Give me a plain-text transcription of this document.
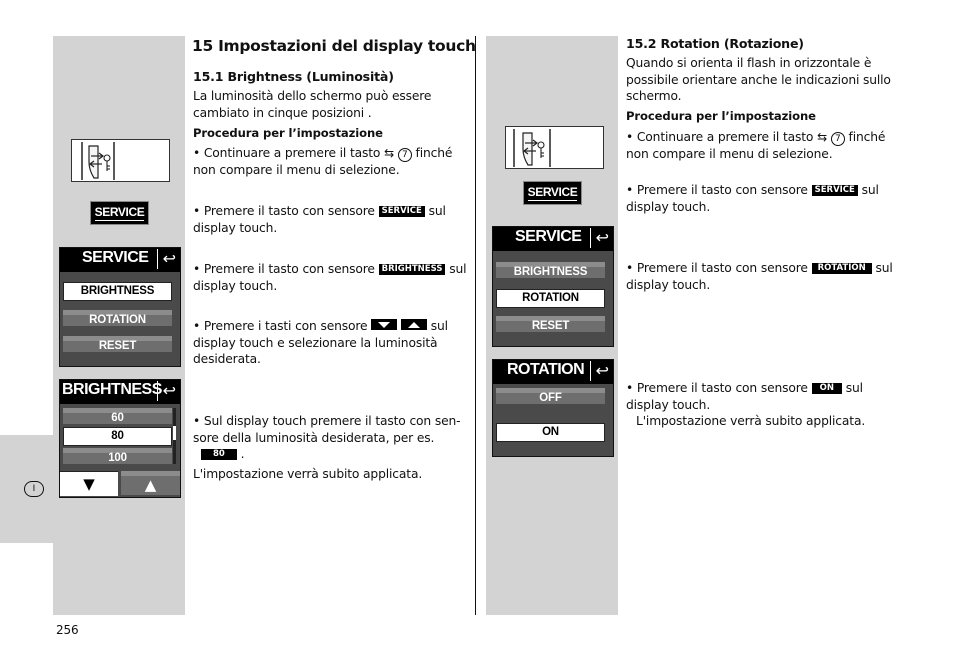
I
256
SERVICE
SERVICE ↩
BRIGHTNESS
ROTATION
RESET
BRIGHTNESS ↩
60
80
100
▼	▲
15 Impostazioni del display touch
15.1 Brightness (Luminosità)
La luminosità dello schermo può essere cambiato in cinque posizioni .
Procedura per l’impostazione
• Continuare a premere il tasto ⇆ 7 finché non compare il menu di selezione.
• Premere il tasto con sensore SERVICE sul display touch.
• Premere il tasto con sensore BRIGHTNESS sul display touch.
• Premere i tasti con sensore
	sul display touch e selezionare la luminosità desiderata.
• Sul display touch premere il tasto con sen-sore della luminosità desiderata, per es.
80 .
L'impostazione verrà subito applicata.
SERVICE
SERVICE ↩
BRIGHTNESS
ROTATION
RESET
ROTATION ↩
OFF
ON
15.2 Rotation (Rotazione)
Quando si orienta il flash in orizzontale è possibile orientare anche le indicazioni sullo schermo.
Procedura per l’impostazione
• Continuare a premere il tasto ⇆ 7 finché non compare il menu di selezione.
• Premere il tasto con sensore SERVICE sul display touch.
• Premere il tasto con sensore ROTATION sul display touch.
• Premere il tasto con sensore ON sul display touch.
L'impostazione verrà subito applicata.
